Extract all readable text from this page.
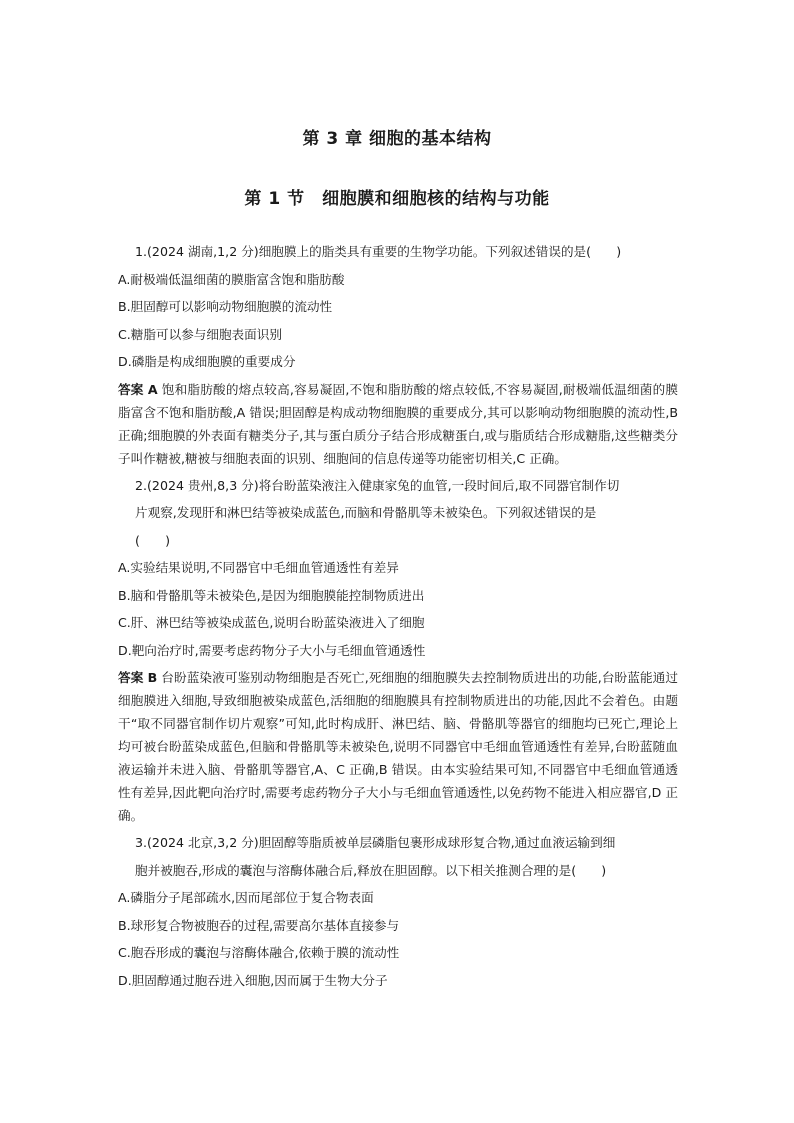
第 3 章 细胞的基本结构
第 1 节　细胞膜和细胞核的结构与功能
1.(2024 湖南,1,2 分)细胞膜上的脂类具有重要的生物学功能。下列叙述错误的是(　　)
A.耐极端低温细菌的膜脂富含饱和脂肪酸
B.胆固醇可以影响动物细胞膜的流动性
C.糖脂可以参与细胞表面识别
D.磷脂是构成细胞膜的重要成分
答案 A 饱和脂肪酸的熔点较高,容易凝固,不饱和脂肪酸的熔点较低,不容易凝固,耐极端低温细菌的膜脂富含不饱和脂肪酸,A 错误;胆固醇是构成动物细胞膜的重要成分,其可以影响动物细胞膜的流动性,B 正确;细胞膜的外表面有糖类分子,其与蛋白质分子结合形成糖蛋白,或与脂质结合形成糖脂,这些糖类分子叫作糖被,糖被与细胞表面的识别、细胞间的信息传递等功能密切相关,C 正确。
2.(2024 贵州,8,3 分)将台盼蓝染液注入健康家兔的血管,一段时间后,取不同器官制作切
片观察,发现肝和淋巴结等被染成蓝色,而脑和骨骼肌等未被染色。下列叙述错误的是
(　　)
A.实验结果说明,不同器官中毛细血管通透性有差异
B.脑和骨骼肌等未被染色,是因为细胞膜能控制物质进出
C.肝、淋巴结等被染成蓝色,说明台盼蓝染液进入了细胞
D.靶向治疗时,需要考虑药物分子大小与毛细血管通透性
答案 B 台盼蓝染液可鉴别动物细胞是否死亡,死细胞的细胞膜失去控制物质进出的功能,台盼蓝能通过细胞膜进入细胞,导致细胞被染成蓝色,活细胞的细胞膜具有控制物质进出的功能,因此不会着色。由题干“取不同器官制作切片观察”可知,此时构成肝、淋巴结、脑、骨骼肌等器官的细胞均已死亡,理论上均可被台盼蓝染成蓝色,但脑和骨骼肌等未被染色,说明不同器官中毛细血管通透性有差异,台盼蓝随血液运输并未进入脑、骨骼肌等器官,A、C 正确,B 错误。由本实验结果可知,不同器官中毛细血管通透性有差异,因此靶向治疗时,需要考虑药物分子大小与毛细血管通透性,以免药物不能进入相应器官,D 正确。
3.(2024 北京,3,2 分)胆固醇等脂质被单层磷脂包裹形成球形复合物,通过血液运输到细
胞并被胞吞,形成的囊泡与溶酶体融合后,释放在胆固醇。以下相关推测合理的是(　　)
A.磷脂分子尾部疏水,因而尾部位于复合物表面
B.球形复合物被胞吞的过程,需要高尔基体直接参与
C.胞吞形成的囊泡与溶酶体融合,依赖于膜的流动性
D.胆固醇通过胞吞进入细胞,因而属于生物大分子
